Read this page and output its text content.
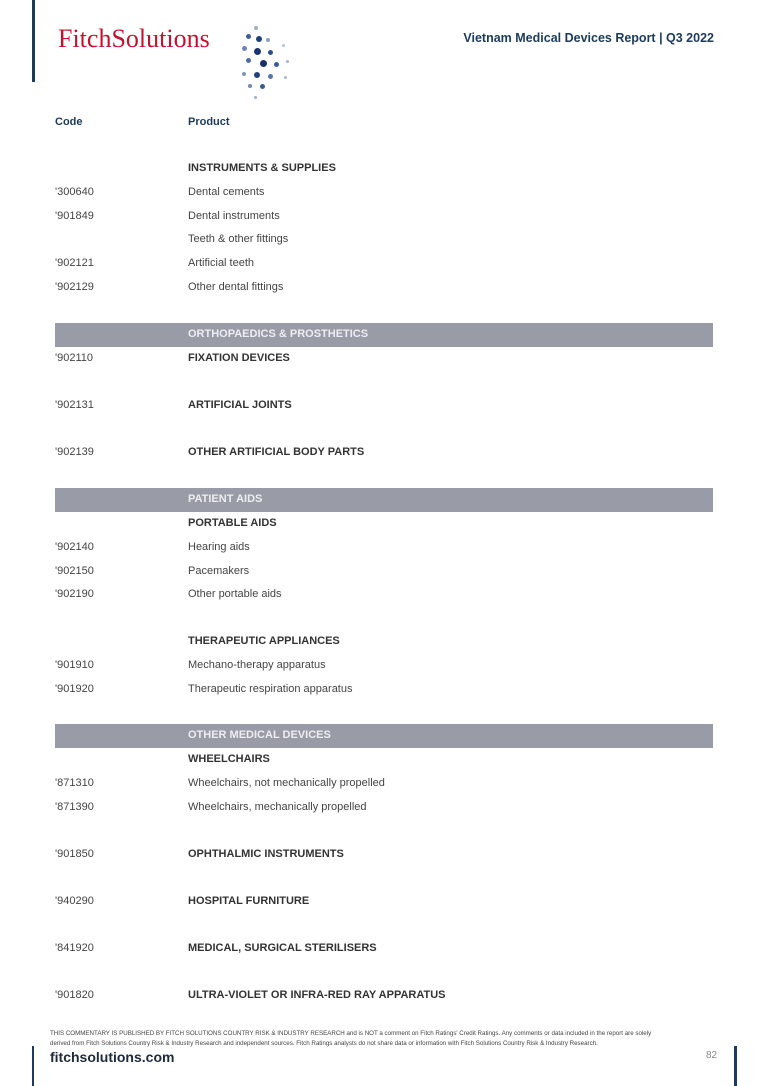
FitchSolutions	Vietnam Medical Devices Report | Q3 2022
Code	Product
INSTRUMENTS & SUPPLIES
'300640	Dental cements
'901849	Dental instruments
Teeth & other fittings
'902121	Artificial teeth
'902129	Other dental fittings
ORTHOPAEDICS & PROSTHETICS
'902110	FIXATION DEVICES
'902131	ARTIFICIAL JOINTS
'902139	OTHER ARTIFICIAL BODY PARTS
PATIENT AIDS
PORTABLE AIDS
'902140	Hearing aids
'902150	Pacemakers
'902190	Other portable aids
THERAPEUTIC APPLIANCES
'901910	Mechano-therapy apparatus
'901920	Therapeutic respiration apparatus
OTHER MEDICAL DEVICES
WHEELCHAIRS
'871310	Wheelchairs, not mechanically propelled
'871390	Wheelchairs, mechanically propelled
'901850	OPHTHALMIC INSTRUMENTS
'940290	HOSPITAL FURNITURE
'841920	MEDICAL, SURGICAL STERILISERS
'901820	ULTRA-VIOLET OR INFRA-RED RAY APPARATUS
THIS COMMENTARY IS PUBLISHED BY FITCH SOLUTIONS COUNTRY RISK & INDUSTRY RESEARCH and is NOT a comment on Fitch Ratings' Credit Ratings. Any comments or data included in the report are solely
derived from Fitch Solutions Country Risk & Industry Research and independent sources. Fitch Ratings analysts do not share data or information with Fitch Solutions Country Risk & Industry Research.
fitchsolutions.com	82
